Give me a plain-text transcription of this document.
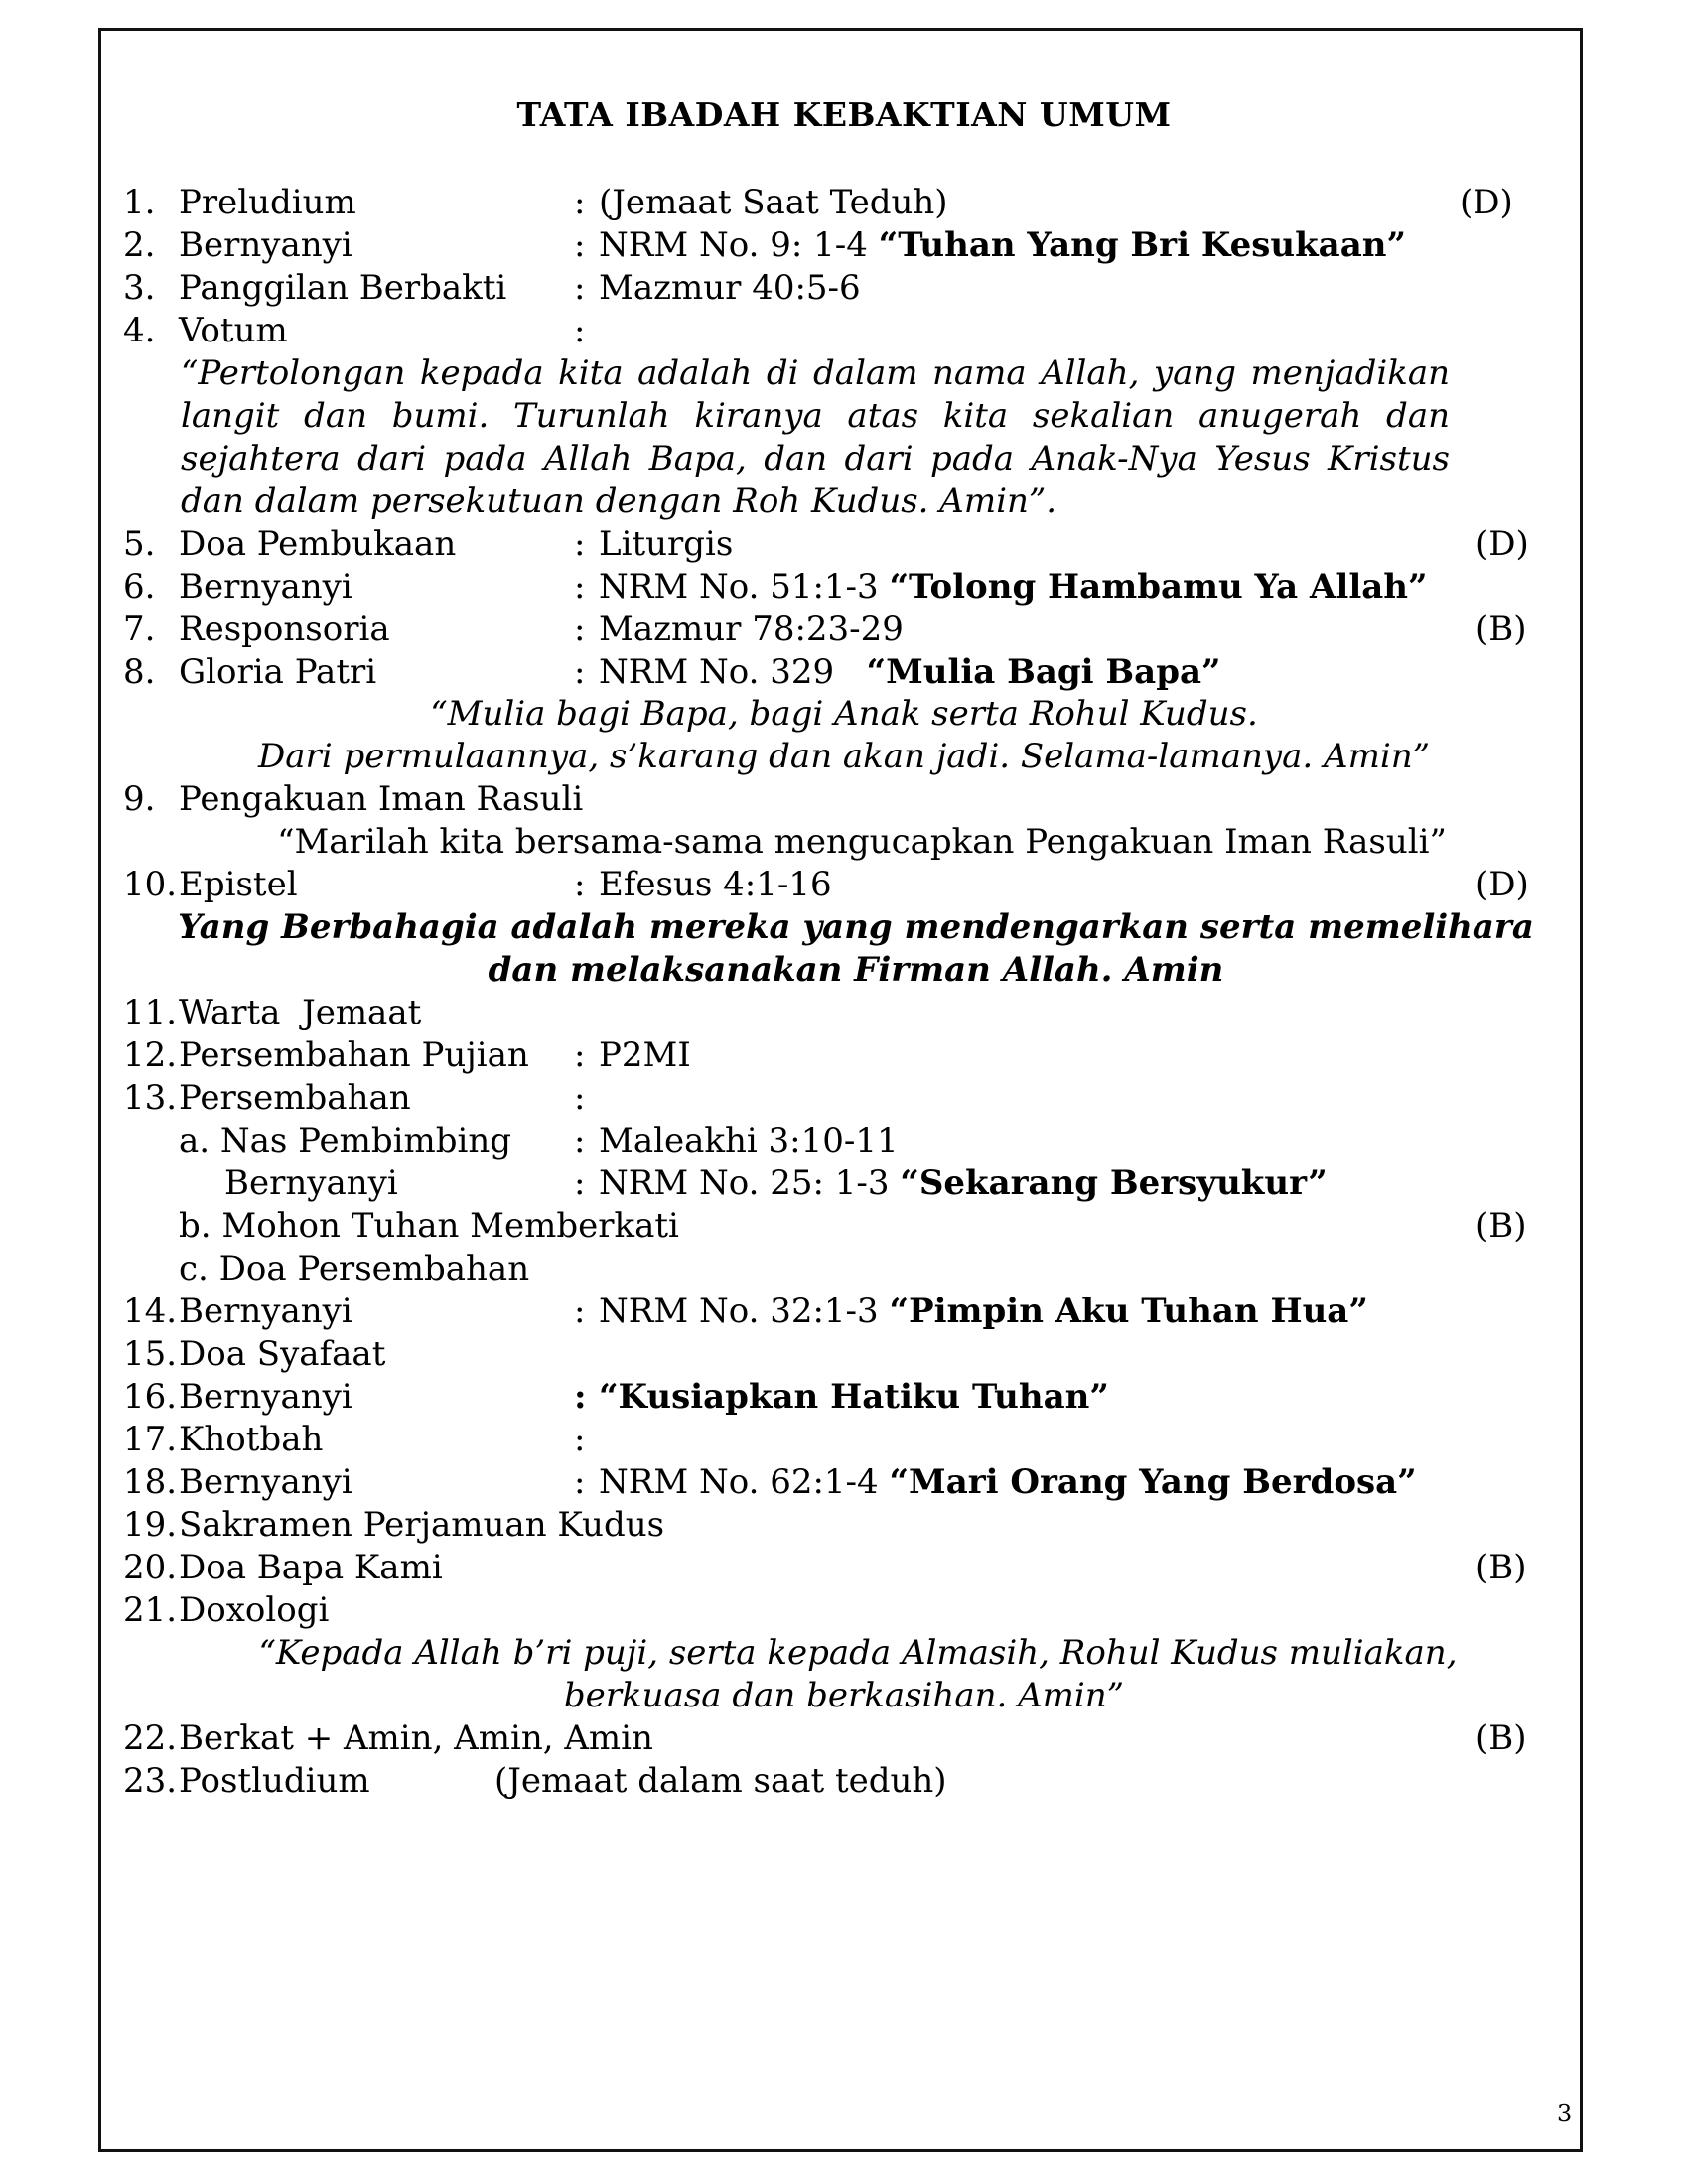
TATA IBADAH KEBAKTIAN UMUM
1. Preludium	: (Jemaat Saat Teduh)	(D)
2. Bernyanyi	: NRM No. 9: 1-4 “Tuhan Yang Bri Kesukaan”
3. Panggilan Berbakti : Mazmur 40:5-6
4. Votum	:
“Pertolongan kepada kita adalah di dalam nama Allah, yang menjadikan
langit dan bumi. Turunlah kiranya atas kita sekalian anugerah dan
sejahtera dari pada Allah Bapa, dan dari pada Anak-Nya Yesus Kristus
dan dalam persekutuan dengan Roh Kudus. Amin”.
5. Doa Pembukaan	: Liturgis	(D)
6. Bernyanyi	: NRM No. 51:1-3 “Tolong Hambamu Ya Allah”
7. Responsoria	: Mazmur 78:23-29	(B)
8. Gloria Patri	: NRM No. 329   “Mulia Bagi Bapa”
“Mulia bagi Bapa, bagi Anak serta Rohul Kudus.
Dari permulaannya, s’karang dan akan jadi. Selama-lamanya. Amin”
9. Pengakuan Iman Rasuli
“Marilah kita bersama-sama mengucapkan Pengakuan Iman Rasuli”
10. Epistel	: Efesus 4:1-16	(D)
Yang Berbahagia adalah mereka yang mendengarkan serta memelihara
dan melaksanakan Firman Allah. Amin
11. Warta  Jemaat
12. Persembahan Pujian : P2MI
13. Persembahan	:
a. Nas Pembimbing : Maleakhi 3:10-11
Bernyanyi	: NRM No. 25: 1-3 “Sekarang Bersyukur”
b. Mohon Tuhan Memberkati	(B)
c. Doa Persembahan
14. Bernyanyi	: NRM No. 32:1-3 “Pimpin Aku Tuhan Hua”
15. Doa Syafaat
16. Bernyanyi	: “Kusiapkan Hatiku Tuhan”
17. Khotbah	:
18. Bernyanyi	: NRM No. 62:1-4 “Mari Orang Yang Berdosa”
19. Sakramen Perjamuan Kudus
20. Doa Bapa Kami	(B)
21. Doxologi
“Kepada Allah b’ri puji, serta kepada Almasih, Rohul Kudus muliakan,
berkuasa dan berkasihan. Amin”
22. Berkat + Amin, Amin, Amin	(B)
23. Postludium	(Jemaat dalam saat teduh)
3
